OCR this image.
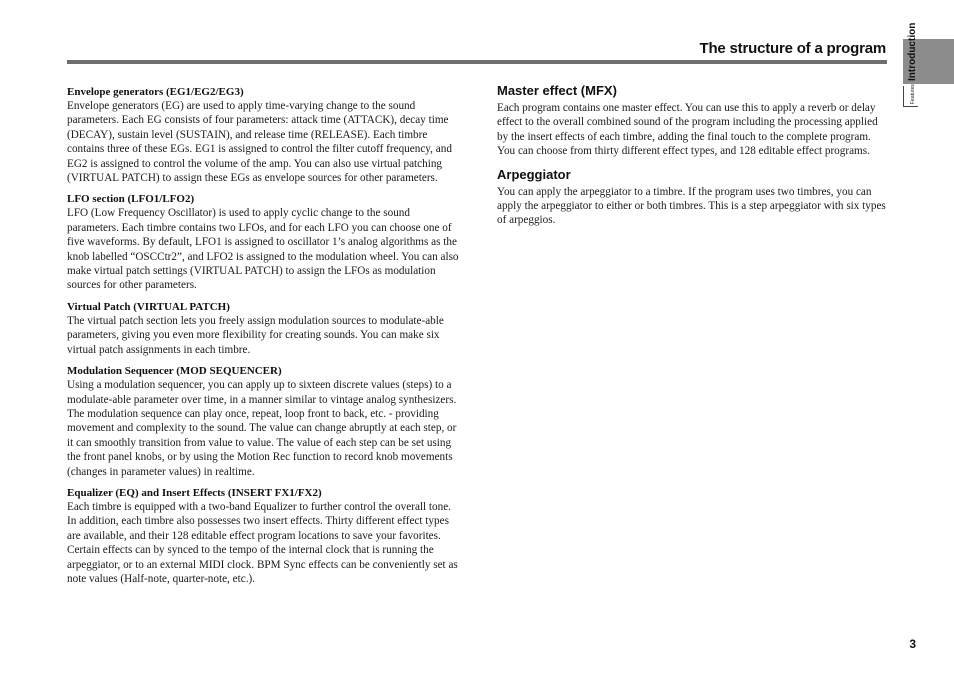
The structure of a program Introduction
Features
Envelope generators (EG1/EG2/EG3)

Envelope generators (EG) are used to apply time-varying change to the sound parameters. Each EG consists of four parameters: attack time (ATTACK), decay time (DECAY), sustain level (SUSTAIN), and release time (RELEASE). Each timbre contains three of these EGs. EG1 is assigned to control the filter cutoff frequency, and EG2 is assigned to control the volume of the amp. You can also use virtual patching (VIRTUAL PATCH) to assign these EGs as envelope sources for other parameters.

LFO section (LFO1/LFO2)

LFO (Low Frequency Oscillator) is used to apply cyclic change to the sound parameters. Each timbre contains two LFOs, and for each LFO you can choose one of five waveforms. By default, LFO1 is assigned to oscillator 1’s analog algorithms as the knob labelled “OSCCtr2”, and LFO2 is assigned to the modulation wheel. You can also make virtual patch settings (VIRTUAL PATCH) to assign the LFOs as modulation sources for other parameters.

Virtual Patch (VIRTUAL PATCH)

The virtual patch section lets you freely assign modulation sources to modulate-able parameters, giving you even more flexibility for creating sounds. You can make six virtual patch assignments in each timbre.

Modulation Sequencer (MOD SEQUENCER)

Using a modulation sequencer, you can apply up to sixteen discrete values (steps) to a modulate-able parameter over time, in a manner similar to vintage analog synthesizers. The modulation sequence can play once, repeat, loop front to back, etc. - providing movement and complexity to the sound. The value can change abruptly at each step, or it can smoothly transition from value to value. The value of each step can be set using the front panel knobs, or by using the Motion Rec function to record knob movements (changes in parameter values) in realtime.

Equalizer (EQ) and Insert Effects (INSERT FX1/FX2)

Each timbre is equipped with a two-band Equalizer to further control the overall tone. In addition, each timbre also possesses two insert effects. Thirty different effect types are available, and their 128 editable effect program locations to save your favorites. Certain effects can by synced to the tempo of the internal clock that is running the arpeggiator, or to an external MIDI clock. BPM Sync effects can be conveniently set as note values (Half-note, quarter-note, etc.).

Master effect (MFX)

Each program contains one master effect. You can use this to apply a reverb or delay effect to the overall combined sound of the program including the processing applied by the insert effects of each timbre, adding the final touch to the complete program. You can choose from thirty different effect types, and 128 editable effect programs.

Arpeggiator

You can apply the arpeggiator to a timbre. If the program uses two timbres, you can apply the arpeggiator to either or both timbres. This is a step arpeggiator with six types of arpeggios.

3
